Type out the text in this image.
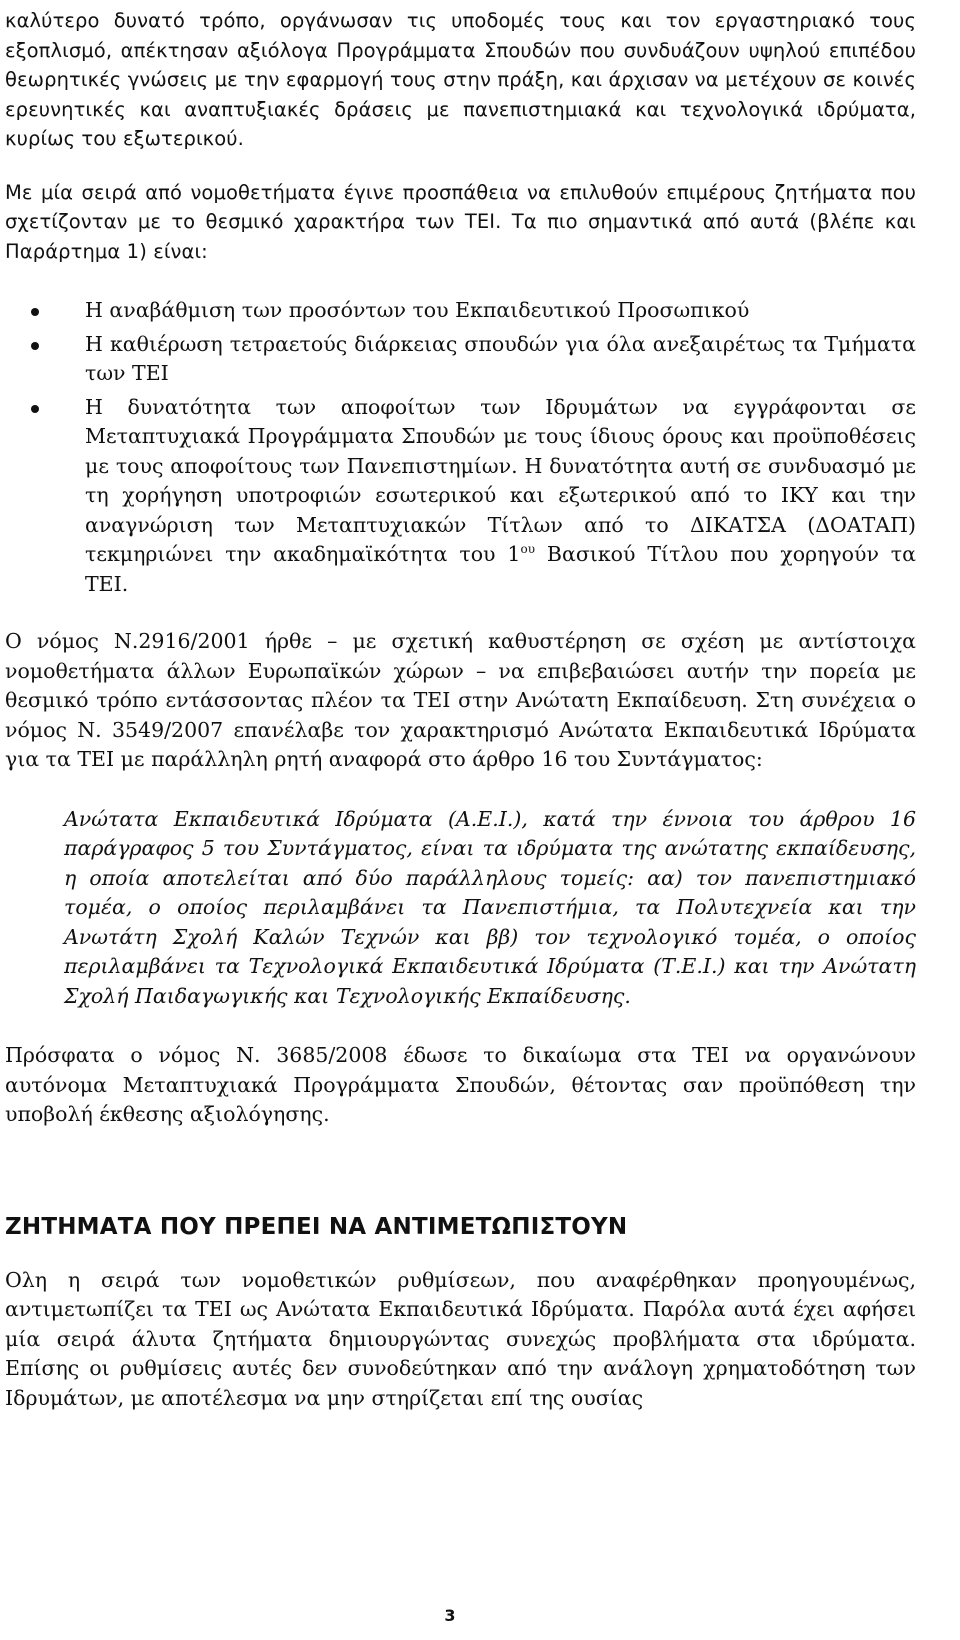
καλύτερο δυνατό τρόπο, οργάνωσαν τις υποδομές τους και τον εργαστηριακό τους εξοπλισμό, απέκτησαν αξιόλογα Προγράμματα Σπουδών που συνδυάζουν υψηλού επιπέδου θεωρητικές γνώσεις με την εφαρμογή τους στην πράξη, και άρχισαν να μετέχουν σε κοινές ερευνητικές και αναπτυξιακές δράσεις με πανεπιστημιακά και τεχνολογικά ιδρύματα, κυρίως του εξωτερικού.

Με μία σειρά από νομοθετήματα έγινε προσπάθεια να επιλυθούν επιμέρους ζητήματα που σχετίζονταν με το θεσμικό χαρακτήρα των ΤΕΙ. Τα πιο σημαντικά από αυτά (βλέπε και Παράρτημα 1) είναι:

Η αναβάθμιση των προσόντων του Εκπαιδευτικού Προσωπικού
Η καθιέρωση τετραετούς διάρκειας σπουδών για όλα ανεξαιρέτως τα Τμήματα των ΤΕΙ
Η δυνατότητα των αποφοίτων των Ιδρυμάτων να εγγράφονται σε Μεταπτυχιακά Προγράμματα Σπουδών με τους ίδιους όρους και προϋποθέσεις με τους αποφοίτους των Πανεπιστημίων. Η δυνατότητα αυτή σε συνδυασμό με τη χορήγηση υποτροφιών εσωτερικού και εξωτερικού από το ΙΚΥ και την αναγνώριση των Μεταπτυχιακών Τίτλων από το ΔΙΚΑΤΣΑ (ΔΟΑΤΑΠ) τεκμηριώνει την ακαδημαϊκότητα του $1^{o\upsilon}$ Βασικού Τίτλου που χορηγούν τα ΤΕΙ.

Ο νόμος Ν.2916/2001 ήρθε – με σχετική καθυστέρηση σε σχέση με αντίστοιχα νομοθετήματα άλλων Ευρωπαϊκών χώρων – να επιβεβαιώσει αυτήν την πορεία με θεσμικό τρόπο εντάσσοντας πλέον τα ΤΕΙ στην Ανώτατη Εκπαίδευση. Στη συνέχεια ο νόμος Ν. 3549/2007 επανέλαβε τον χαρακτηρισμό Ανώτατα Εκπαιδευτικά Ιδρύματα για τα ΤΕΙ με παράλληλη ρητή αναφορά στο άρθρο 16 του Συντάγματος:

Ανώτατα Εκπαιδευτικά Ιδρύματα (Α.Ε.Ι.), κατά την έννοια του άρθρου 16 παράγραφος 5 του Συντάγματος, είναι τα ιδρύματα της ανώτατης εκπαίδευσης, η οποία αποτελείται από δύο παράλληλους τομείς: αα) τον πανεπιστημιακό τομέα, ο οποίος περιλαμβάνει τα Πανεπιστήμια, τα Πολυτεχνεία και την Ανωτάτη Σχολή Καλών Τεχνών και ββ) τον τεχνολογικό τομέα, ο οποίος περιλαμβάνει τα Τεχνολογικά Εκπαιδευτικά Ιδρύματα (Τ.Ε.Ι.) και την Ανώτατη Σχολή Παιδαγωγικής και Τεχνολογικής Εκπαίδευσης.

Πρόσφατα ο νόμος Ν. 3685/2008 έδωσε το δικαίωμα στα ΤΕΙ να οργανώνουν αυτόνομα Μεταπτυχιακά Προγράμματα Σπουδών, θέτοντας σαν προϋπόθεση την υποβολή έκθεσης αξιολόγησης.

ΖΗΤΗΜΑΤΑ ΠΟΥ ΠΡΕΠΕΙ ΝΑ ΑΝΤΙΜΕΤΩΠΙΣΤΟΥΝ

Ολη η σειρά των νομοθετικών ρυθμίσεων, που αναφέρθηκαν προηγουμένως, αντιμετωπίζει τα ΤΕΙ ως Ανώτατα Εκπαιδευτικά Ιδρύματα. Παρόλα αυτά έχει αφήσει μία σειρά άλυτα ζητήματα δημιουργώντας συνεχώς προβλήματα στα ιδρύματα. Επίσης οι ρυθμίσεις αυτές δεν συνοδεύτηκαν από την ανάλογη χρηματοδότηση των Ιδρυμάτων, με αποτέλεσμα να μην στηρίζεται επί της ουσίας

3
